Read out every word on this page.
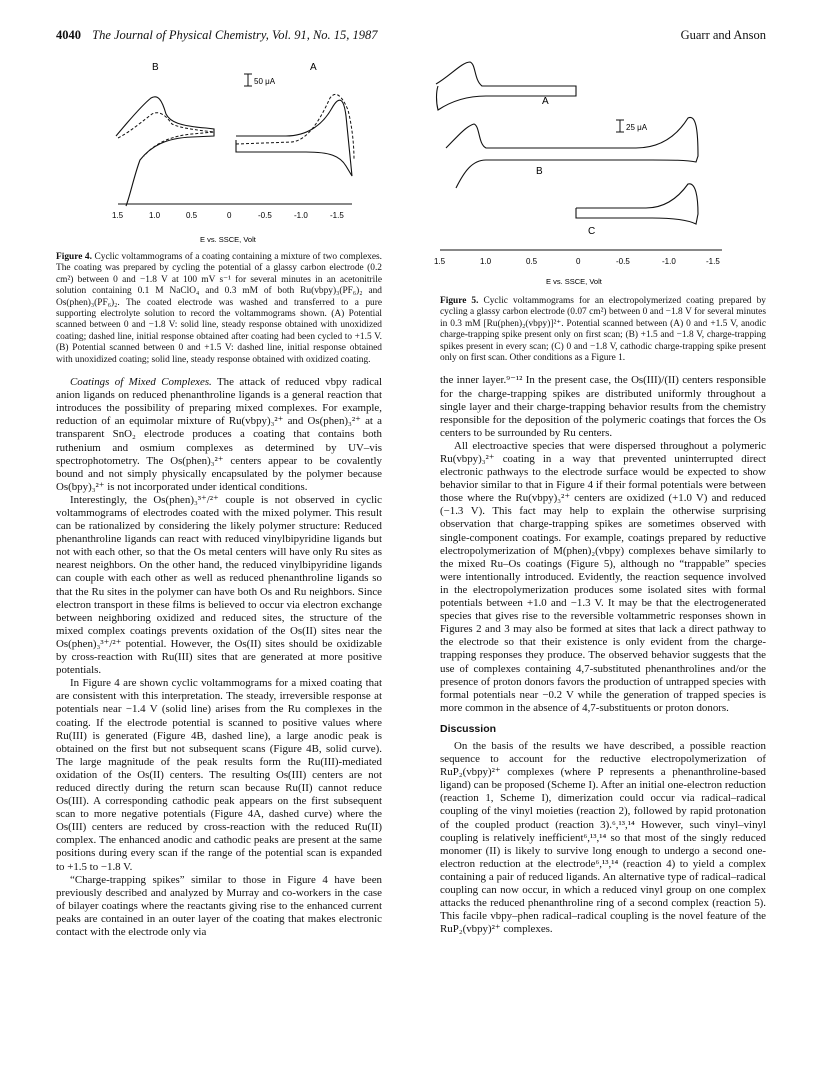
4040 The Journal of Physical Chemistry, Vol. 91, No. 15, 1987	Guarr and Anson
B	A
50 μA
1.5	1.0	0.5	0	-0.5	-1.0	-1.5
E vs. SSCE, Volt
A
25 μA
B
C
1.5	1.0	0.5	0	-0.5	-1.0	-1.5
E vs. SSCE, Volt

Figure 4. Cyclic voltammograms of a coating containing a mixture of two complexes. The coating was prepared by cycling the potential of a glassy carbon electrode (0.2 cm²) between 0 and −1.8 V at 100 mV s⁻¹ for several minutes in an acetonitrile solution containing 0.1 M NaClO₄ and 0.3 mM of both Ru(vbpy)₃(PF₆)₂ and Os(phen)₃(PF₆)₂. The coated electrode was washed and transferred to a pure supporting electrolyte solution to record the voltammograms shown. (A) Potential scanned between 0 and −1.8 V: solid line, steady response obtained with unoxidized coating; dashed line, initial response obtained after coating had been cycled to +1.5 V. (B) Potential scanned between 0 and +1.5 V: dashed line, initial response obtained with unoxidized coating; solid line, steady response obtained with oxidized coating.

Coatings of Mixed Complexes. The attack of reduced vbpy radical anion ligands on reduced phenanthroline ligands is a general reaction that introduces the possibility of preparing mixed complexes. For example, reduction of an equimolar mixture of Ru(vbpy)₃²⁺ and Os(phen)₃²⁺ at a transparent SnO₂ electrode produces a coating that contains both ruthenium and osmium complexes as determined by UV–vis spectrophotometry. The Os(phen)₃²⁺ centers appear to be covalently bound and not simply physically encapsulated by the polymer because Os(bpy)₃²⁺ is not incorporated under identical conditions.

Interestingly, the Os(phen)₃³⁺/²⁺ couple is not observed in cyclic voltammograms of electrodes coated with the mixed polymer. This result can be rationalized by considering the likely polymer structure: Reduced phenanthroline ligands can react with reduced vinylbipyridine ligands but not with each other, so that the Os metal centers will have only Ru sites as nearest neighbors. On the other hand, the reduced vinylbipyridine ligands can couple with each other as well as reduced phenanthroline ligands so that the Ru sites in the polymer can have both Os and Ru neighbors. Since electron transport in these films is believed to occur via electron exchange between neighboring oxidized and reduced sites, the structure of the mixed complex coatings prevents oxidation of the Os(II) sites near the Os(phen)₃³⁺/²⁺ potential. However, the Os(II) sites should be oxidizable by cross-reaction with Ru(III) sites that are generated at more positive potentials.

In Figure 4 are shown cyclic voltammograms for a mixed coating that are consistent with this interpretation. The steady, irreversible response at potentials near −1.4 V (solid line) arises from the Ru complexes in the coating. If the electrode potential is scanned to positive values where Ru(III) is generated (Figure 4B, dashed line), a large anodic peak is obtained on the first but not subsequent scans (Figure 4B, solid curve). The large magnitude of the peak results form the Ru(III)-mediated oxidation of the Os(II) centers. The resulting Os(III) centers are not reduced directly during the return scan because Ru(II) cannot reduce Os(III). A corresponding cathodic peak appears on the first subsequent scan to more negative potentials (Figure 4A, dashed curve) where the Os(III) centers are reduced by cross-reaction with the reduced Ru(II) complex. The enhanced anodic and cathodic peaks are present at the same positions during every scan if the range of the potential scan is expanded to +1.5 to −1.8 V.

“Charge-trapping spikes” similar to those in Figure 4 have been previously described and analyzed by Murray and co-workers in the case of bilayer coatings where the reactants giving rise to the enhanced current peaks are contained in an outer layer of the coating that makes electronic contact with the electrode only via

Figure 5. Cyclic voltammograms for an electropolymerized coating prepared by cycling a glassy carbon electrode (0.07 cm²) between 0 and −1.8 V for several minutes in 0.3 mM [Ru(phen)₂(vbpy)]²⁺. Potential scanned between (A) 0 and +1.5 V, anodic charge-trapping spike present only on first scan; (B) +1.5 and −1.8 V, charge-trapping spikes present in every scan; (C) 0 and −1.8 V, cathodic charge-trapping spike present only on first scan. Other conditions as a Figure 1.

the inner layer.⁹⁻¹² In the present case, the Os(III)/(II) centers responsible for the charge-trapping spikes are distributed uniformly throughout a single layer and their charge-trapping behavior results from the chemistry responsible for the deposition of the polymeric coatings that forces the Os centers to be surrounded by Ru centers.

All electroactive species that were dispersed throughout a polymeric Ru(vbpy)₃²⁺ coating in a way that prevented uninterrupted direct electronic pathways to the electrode surface would be expected to show behavior similar to that in Figure 4 if their formal potentials were between those where the Ru(vbpy)₃²⁺ centers are oxidized (+1.0 V) and reduced (−1.3 V). This fact may help to explain the otherwise surprising observation that charge-trapping spikes are sometimes observed with single-component coatings. For example, coatings prepared by reductive electropolymerization of M(phen)₂(vbpy) complexes behave similarly to the mixed Ru–Os coatings (Figure 5), although no “trappable” species were intentionally introduced. Evidently, the reaction sequence involved in the electropolymerization produces some isolated sites with formal potentials between +1.0 and −1.3 V. It may be that the electrogenerated species that gives rise to the reversible voltammetric responses shown in Figures 2 and 3 may also be formed at sites that lack a direct pathway to the electrode so that their existence is only evident from the charge-trapping responses they produce. The observed behavior suggests that the use of complexes containing 4,7-substituted phenanthrolines and/or the presence of proton donors favors the production of untrapped species with formal potentials near −0.2 V while the generation of trapped species is more common in the absence of 4,7-substituents or proton donors.

Discussion

On the basis of the results we have described, a possible reaction sequence to account for the reductive electropolymerization of RuP₂(vbpy)²⁺ complexes (where P represents a phenanthroline-based ligand) can be proposed (Scheme I). After an initial one-electron reduction (reaction 1, Scheme I), dimerization could occur via radical–radical coupling of the vinyl moieties (reaction 2), followed by rapid protonation of the coupled product (reaction 3).⁶,¹³,¹⁴ However, such vinyl–vinyl coupling is relatively inefficient⁶,¹³,¹⁴ so that most of the singly reduced monomer (II) is likely to survive long enough to undergo a second one-electron reduction at the electrode⁶,¹³,¹⁴ (reaction 4) to yield a complex containing a pair of reduced ligands. An alternative type of radical–radical coupling can now occur, in which a reduced vinyl group on one complex attacks the reduced phenanthroline ring of a second complex (reaction 5). This facile vbpy–phen radical–radical coupling is the novel feature of the RuP₂(vbpy)²⁺ complexes.
